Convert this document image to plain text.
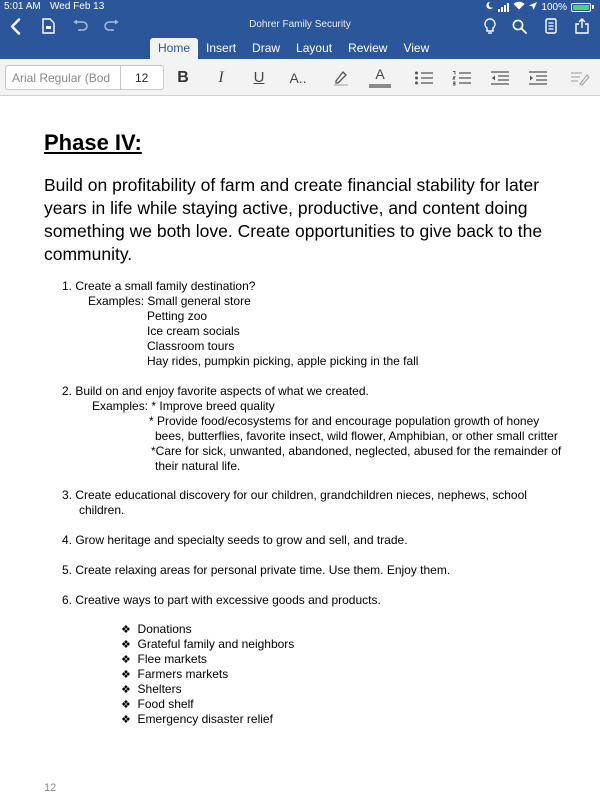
5:01 AM Wed Feb 13	100%
Dohrer Family Security
Home	Insert	Draw	Layout	Review	View
Arial Regular (Bod	12	B	I	U	A..	A
Phase IV:
Build on profitability of farm and create financial stability for later years in life while staying active, productive, and content doing something we both love. Create opportunities to give back to the community.
1. Create a small family destination?
Examples: Small general store
Petting zoo
Ice cream socials
Classroom tours
Hay rides, pumpkin picking, apple picking in the fall
2. Build on and enjoy favorite aspects of what we created.
Examples: * Improve breed quality
* Provide food/ecosystems for and encourage population growth of honey
bees, butterflies, favorite insect, wild flower, Amphibian, or other small critter
*Care for sick, unwanted, abandoned, neglected, abused for the remainder of
their natural life.
3. Create educational discovery for our children, grandchildren nieces, nephews, school
children.
4. Grow heritage and specialty seeds to grow and sell, and trade.
5. Create relaxing areas for personal private time. Use them. Enjoy them.
6. Creative ways to part with excessive goods and products.
❖ Donations
❖ Grateful family and neighbors
❖  Flee markets
❖ Farmers markets
❖ Shelters
❖ Food shelf
❖ Emergency disaster relief
12
